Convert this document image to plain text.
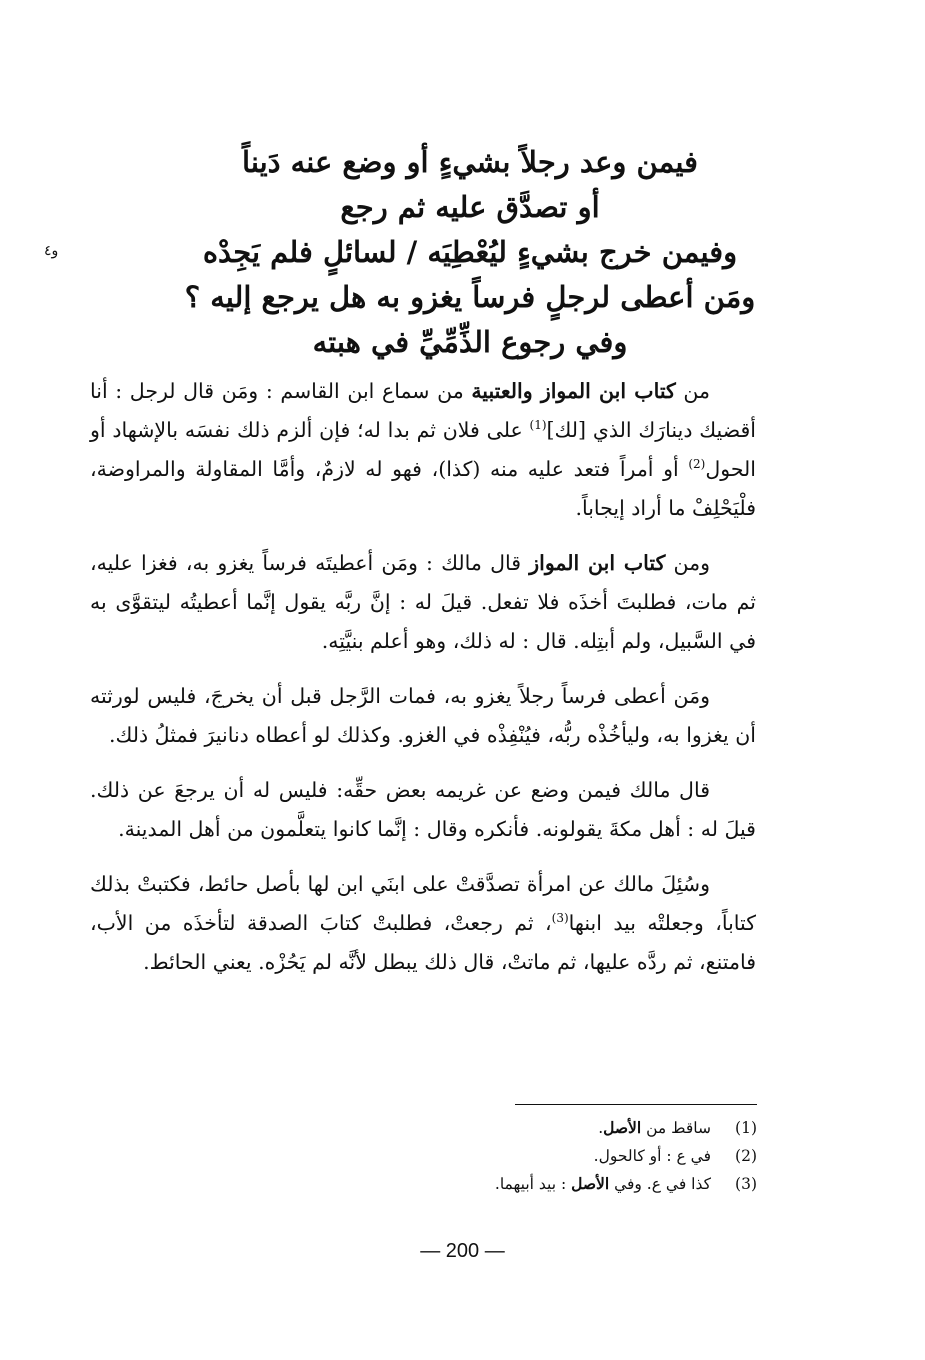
فيمن وعد رجلاً بشيءٍ أو وضع عنه دَيناً
أو تصدَّق عليه ثم رجع
وفيمن خرج بشيءٍ ليُعْطِيَه / لسائلٍ فلم يَجِدْه
ومَن أعطى لرجلٍ فرساً يغزو به هل يرجع إليه ؟
وفي رجوع الذِّمِّيِّ في هبته
و٤

من كتاب ابن المواز والعتبية من سماع ابن القاسم : ومَن قال لرجل : أنا أقضيك دينارَك الذي [لك]$^{(1)}$ على فلان ثم بدا له؛ فإن ألزم ذلك نفسَه بالإشهاد أو الحول$^{(2)}$ أو أمراً فتعد عليه منه (كذا)، فهو له لازمٌ، وأمَّا المقاولة والمراوضة، فلْيَحْلِفْ ما أراد إيجاباً.

ومن كتاب ابن المواز قال مالك : ومَن أعطيتَه فرساً يغزو به، فغزا عليه، ثم مات، فطلبتَ أخذَه فلا تفعل. قيلَ له : إنَّ ربَّه يقول إنَّما أعطيتُه ليتقوَّى به في السَّبيل، ولم أبتِله. قال : له ذلك، وهو أعلم بنيَّتِه.

ومَن أعطى فرساً رجلاً يغزو به، فمات الرَّجل قبل أن يخرجَ، فليس لورثته أن يغزوا به، وليأخُذْه ربُّه، فيُنْفِذْه في الغزو. وكذلك لو أعطاه دنانيرَ فمثلُ ذلك.

قال مالك فيمن وضع عن غريمه بعض حقِّه: فليس له أن يرجعَ عن ذلك. قيلَ له : أهل مكةَ يقولونه. فأنكره وقال : إنَّما كانوا يتعلَّمون من أهل المدينة.

وسُئِلَ مالك عن امرأة تصدَّقتْ على ابنَي ابن لها بأصل حائط، فكتبتْ بذلك كتاباً، وجعلتْه بيد ابنها$^{(3)}$، ثم رجعتْ، فطلبتْ كتابَ الصدقة لتأخذَه من الأب، فامتنع، ثم ردَّه عليها، ثم ماتتْ، قال ذلك يبطل لأنَّه لم يَحُزْه. يعني الحائط.

(1)ساقط من الأصل.
(2)في ع : أو كالحول.
(3)كذا في ع. وفي الأصل : بيد أبيهما.
— 200 —
